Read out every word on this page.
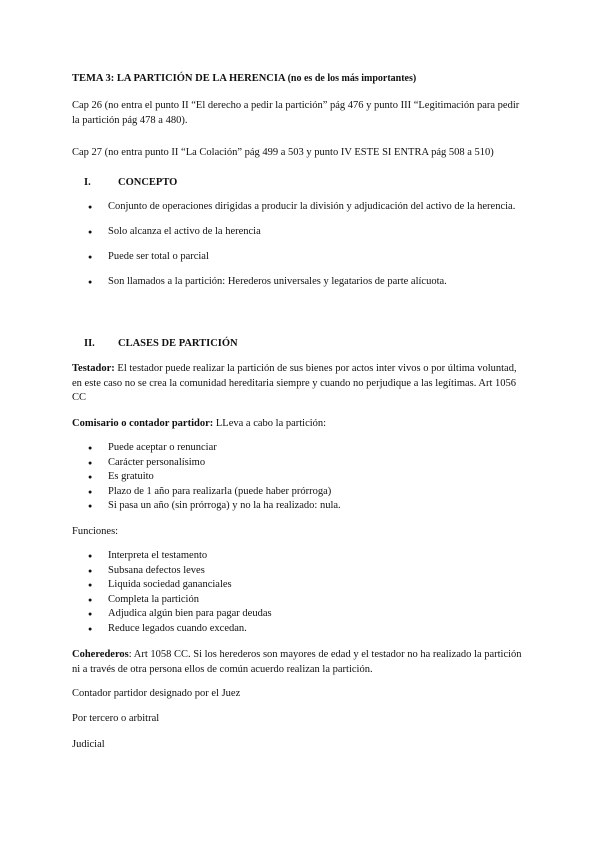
TEMA 3: LA PARTICIÓN DE LA HERENCIA (no es de los más importantes)
Cap 26 (no entra el punto II “El derecho a pedir la partición” pág 476 y punto III “Legitimación para pedir la partición pág 478 a 480).
Cap 27 (no entra punto II “La Colación” pág 499 a 503 y punto IV ESTE SI ENTRA pág 508 a 510)
I.	CONCEPTO
● Conjunto de operaciones dirigidas a producir la división y adjudicación del activo de la herencia.
● Solo alcanza el activo de la herencia
● Puede ser total o parcial
● Son llamados a la partición: Herederos universales y legatarios de parte alícuota.
II. CLASES DE PARTICIÓN
Testador: El testador puede realizar la partición de sus bienes por actos inter vivos o por última voluntad, en este caso no se crea la comunidad hereditaria siempre y cuando no perjudique a las legítimas. Art 1056 CC
Comisario o contador partidor: LLeva a cabo la partición:
● Puede aceptar o renunciar
● Carácter personalísimo
● Es gratuito
● Plazo de 1 año para realizarla (puede haber prórroga)
● Si pasa un año (sin prórroga) y no la ha realizado: nula.
Funciones:
● Interpreta el testamento
● Subsana defectos leves
● Liquida sociedad gananciales
● Completa la partición
● Adjudica algún bien para pagar deudas
● Reduce legados cuando excedan.
Coherederos: Art 1058 CC. Si los herederos son mayores de edad y el testador no ha realizado la partición ni a través de otra persona ellos de común acuerdo realizan la partición.
Contador partidor designado por el Juez
Por tercero o arbitral
Judicial
